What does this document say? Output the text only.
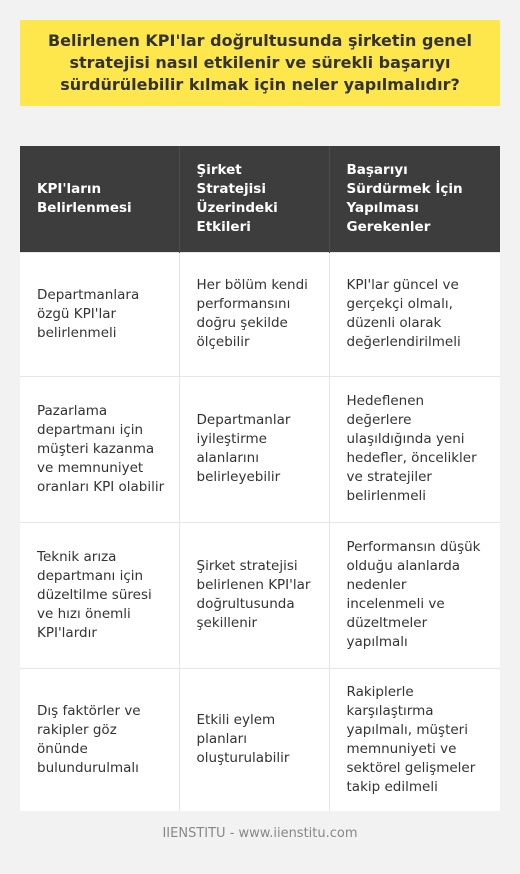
Belirlenen KPI'lar doğrultusunda şirketin genel stratejisi nasıl etkilenir ve sürekli başarıyı sürdürülebilir kılmak için neler yapılmalıdır?
KPI'ların Belirlenmesi	Şirket Stratejisi Üzerindeki Etkileri	Başarıyı Sürdürmek İçin Yapılması Gerekenler
Departmanlara özgü KPI'lar belirlenmeli	Her bölüm kendi performansını doğru şekilde ölçebilir	KPI'lar güncel ve gerçekçi olmalı, düzenli olarak değerlendirilmeli
Pazarlama departmanı için müşteri kazanma ve memnuniyet oranları KPI olabilir	Departmanlar iyileştirme alanlarını belirleyebilir	Hedeflenen değerlere ulaşıldığında yeni hedefler, öncelikler ve stratejiler belirlenmeli
Teknik arıza departmanı için düzeltilme süresi ve hızı önemli KPI'lardır	Şirket stratejisi belirlenen KPI'lar doğrultusunda şekillenir	Performansın düşük olduğu alanlarda nedenler incelenmeli ve düzeltmeler yapılmalı
Dış faktörler ve rakipler göz önünde bulundurulmalı	Etkili eylem planları oluşturulabilir	Rakiplerle karşılaştırma yapılmalı, müşteri memnuniyeti ve sektörel gelişmeler takip edilmeli
IIENSTITU - www.iienstitu.com
